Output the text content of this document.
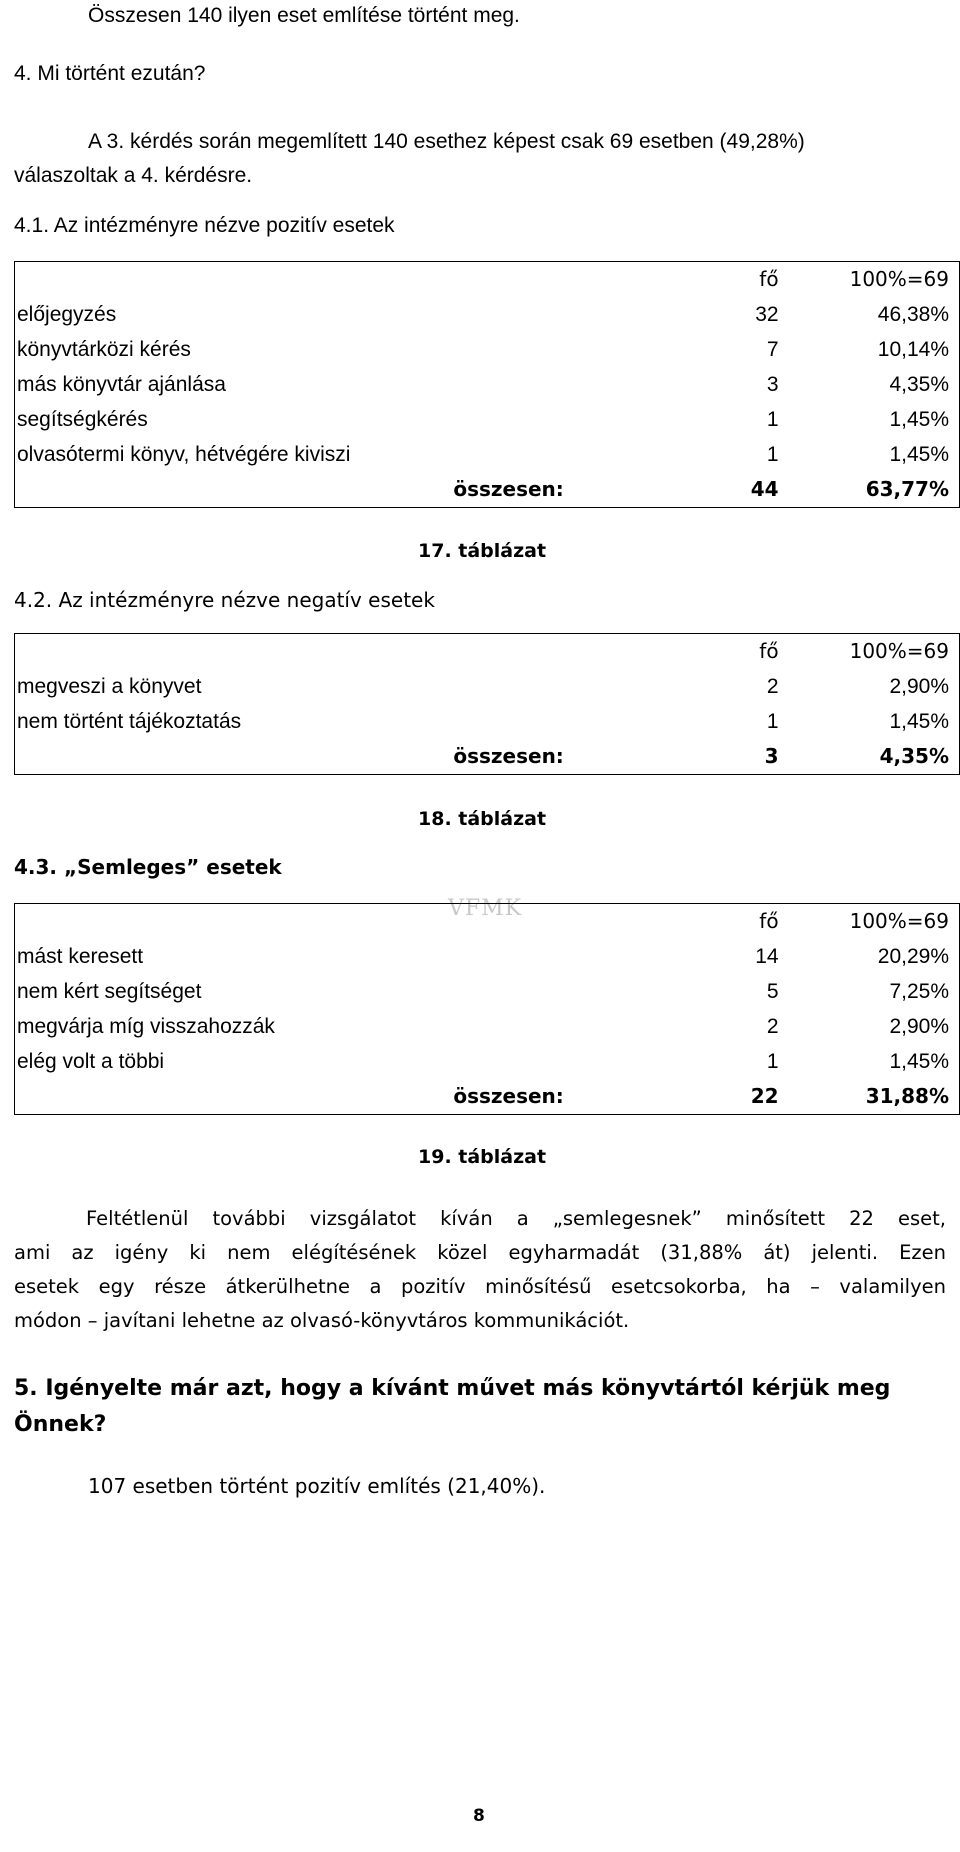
Összesen 140 ilyen eset említése történt meg.
4. Mi történt ezután?
A 3. kérdés során megemlített 140 esethez képest csak 69 esetben (49,28%)
válaszoltak a 4. kérdésre.
4.1. Az intézményre nézve pozitív esetek
	fő	100%=69
előjegyzés	32	46,38%
könyvtárközi kérés	7	10,14%
más könyvtár ajánlása	3	4,35%
segítségkérés	1	1,45%
olvasótermi könyv, hétvégére kiviszi	1	1,45%
összesen:	44	63,77%
17. táblázat
4.2. Az intézményre nézve negatív esetek
	fő	100%=69
megveszi a könyvet	2	2,90%
nem történt tájékoztatás	1	1,45%
összesen:	3	4,35%
18. táblázat
4.3. „Semleges” esetek
VFMK
		fő	100%=69
mást keresett	14	20,29%
nem kért segítséget	5	7,25%
megvárja míg visszahozzák	2	2,90%
elég volt a többi	1	1,45%
összesen:	22	31,88%
19. táblázat
Feltétlenül további vizsgálatot kíván a „semlegesnek” minősített 22 eset,
ami az igény ki nem elégítésének közel egyharmadát (31,88% át) jelenti. Ezen
esetek egy része átkerülhetne a pozitív minősítésű esetcsokorba, ha – valamilyen
módon – javítani lehetne az olvasó-könyvtáros kommunikációt.
5. Igényelte már azt, hogy a kívánt művet más könyvtártól kérjük meg
Önnek?
107 esetben történt pozitív említés (21,40%).
8
